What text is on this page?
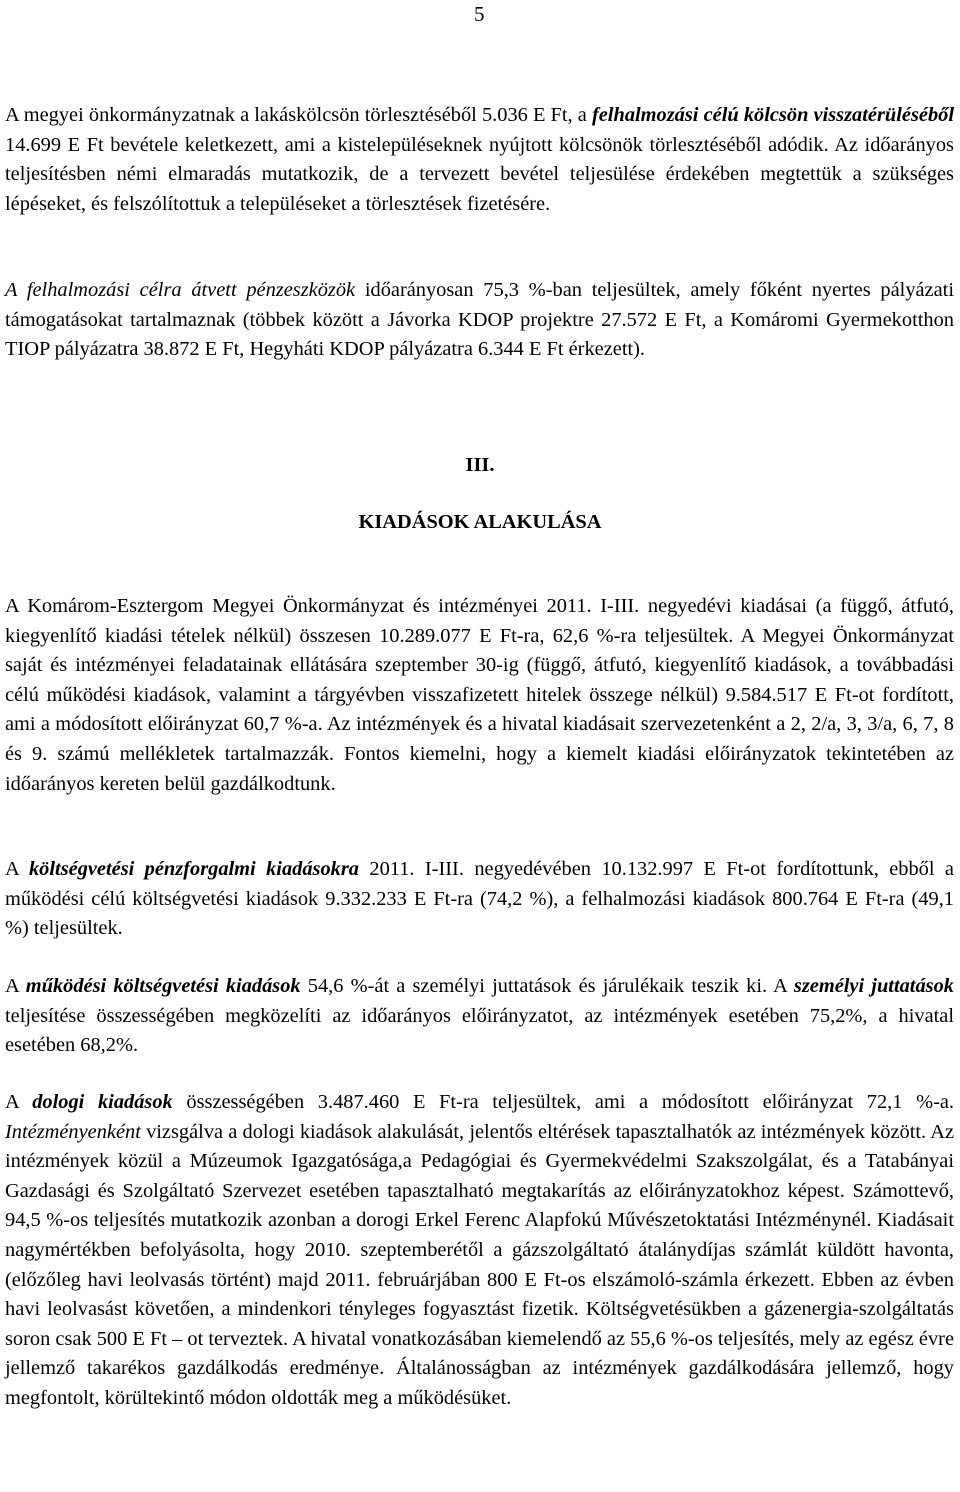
5

A megyei önkormányzatnak a lakáskölcsön törlesztéséből 5.036 E Ft, a felhalmozási célú kölcsön visszatérüléséből 14.699 E Ft bevétele keletkezett, ami a kistelepüléseknek nyújtott kölcsönök törlesztéséből adódik. Az időarányos teljesítésben némi elmaradás mutatkozik, de a tervezett bevétel teljesülése érdekében megtettük a szükséges lépéseket, és felszólítottuk a településeket a törlesztések fizetésére.

A felhalmozási célra átvett pénzeszközök időarányosan 75,3 %-ban teljesültek, amely főként nyertes pályázati támogatásokat tartalmaznak (többek között a Jávorka KDOP projektre 27.572 E Ft, a Komáromi Gyermekotthon TIOP pályázatra 38.872 E Ft, Hegyháti KDOP pályázatra 6.344 E Ft érkezett).

III.
KIADÁSOK ALAKULÁSA

A Komárom-Esztergom Megyei Önkormányzat és intézményei 2011. I-III. negyedévi kiadásai (a függő, átfutó, kiegyenlítő kiadási tételek nélkül) összesen 10.289.077 E Ft-ra, 62,6 %-ra teljesültek. A Megyei Önkormányzat saját és intézményei feladatainak ellátására szeptember 30-ig (függő, átfutó, kiegyenlítő kiadások, a továbbadási célú működési kiadások, valamint a tárgyévben visszafizetett hitelek összege nélkül) 9.584.517 E Ft-ot fordított, ami a módosított előirányzat 60,7 %-a. Az intézmények és a hivatal kiadásait szervezetenként a 2, 2/a, 3, 3/a, 6, 7, 8 és 9. számú mellékletek tartalmazzák. Fontos kiemelni, hogy a kiemelt kiadási előirányzatok tekintetében az időarányos kereten belül gazdálkodtunk.

A költségvetési pénzforgalmi kiadásokra 2011. I-III. negyedévében 10.132.997 E Ft-ot fordítottunk, ebből a működési célú költségvetési kiadások 9.332.233 E Ft-ra (74,2 %), a felhalmozási kiadások 800.764 E Ft-ra (49,1 %) teljesültek.

A működési költségvetési kiadások 54,6 %-át a személyi juttatások és járulékaik teszik ki. A személyi juttatások teljesítése összességében megközelíti az időarányos előirányzatot, az intézmények esetében 75,2%, a hivatal esetében 68,2%.

A dologi kiadások összességében 3.487.460 E Ft-ra teljesültek, ami a módosított előirányzat 72,1 %-a. Intézményenként vizsgálva a dologi kiadások alakulását, jelentős eltérések tapasztalhatók az intézmények között. Az intézmények közül a Múzeumok Igazgatósága,a Pedagógiai és Gyermekvédelmi Szakszolgálat, és a Tatabányai Gazdasági és Szolgáltató Szervezet esetében tapasztalható megtakarítás az előirányzatokhoz képest. Számottevő, 94,5 %-os teljesítés mutatkozik azonban a dorogi Erkel Ferenc Alapfokú Művészetoktatási Intézménynél. Kiadásait nagymértékben befolyásolta, hogy 2010. szeptemberétől a gázszolgáltató átalánydíjas számlát küldött havonta, (előzőleg havi leolvasás történt) majd 2011. februárjában 800 E Ft-os elszámoló-számla érkezett. Ebben az évben havi leolvasást követően, a mindenkori tényleges fogyasztást fizetik. Költségvetésükben a gázenergia-szolgáltatás soron csak 500 E Ft – ot terveztek. A hivatal vonatkozásában kiemelendő az 55,6 %-os teljesítés, mely az egész évre jellemző takarékos gazdálkodás eredménye. Általánosságban az intézmények gazdálkodására jellemző, hogy megfontolt, körültekintő módon oldották meg a működésüket.
